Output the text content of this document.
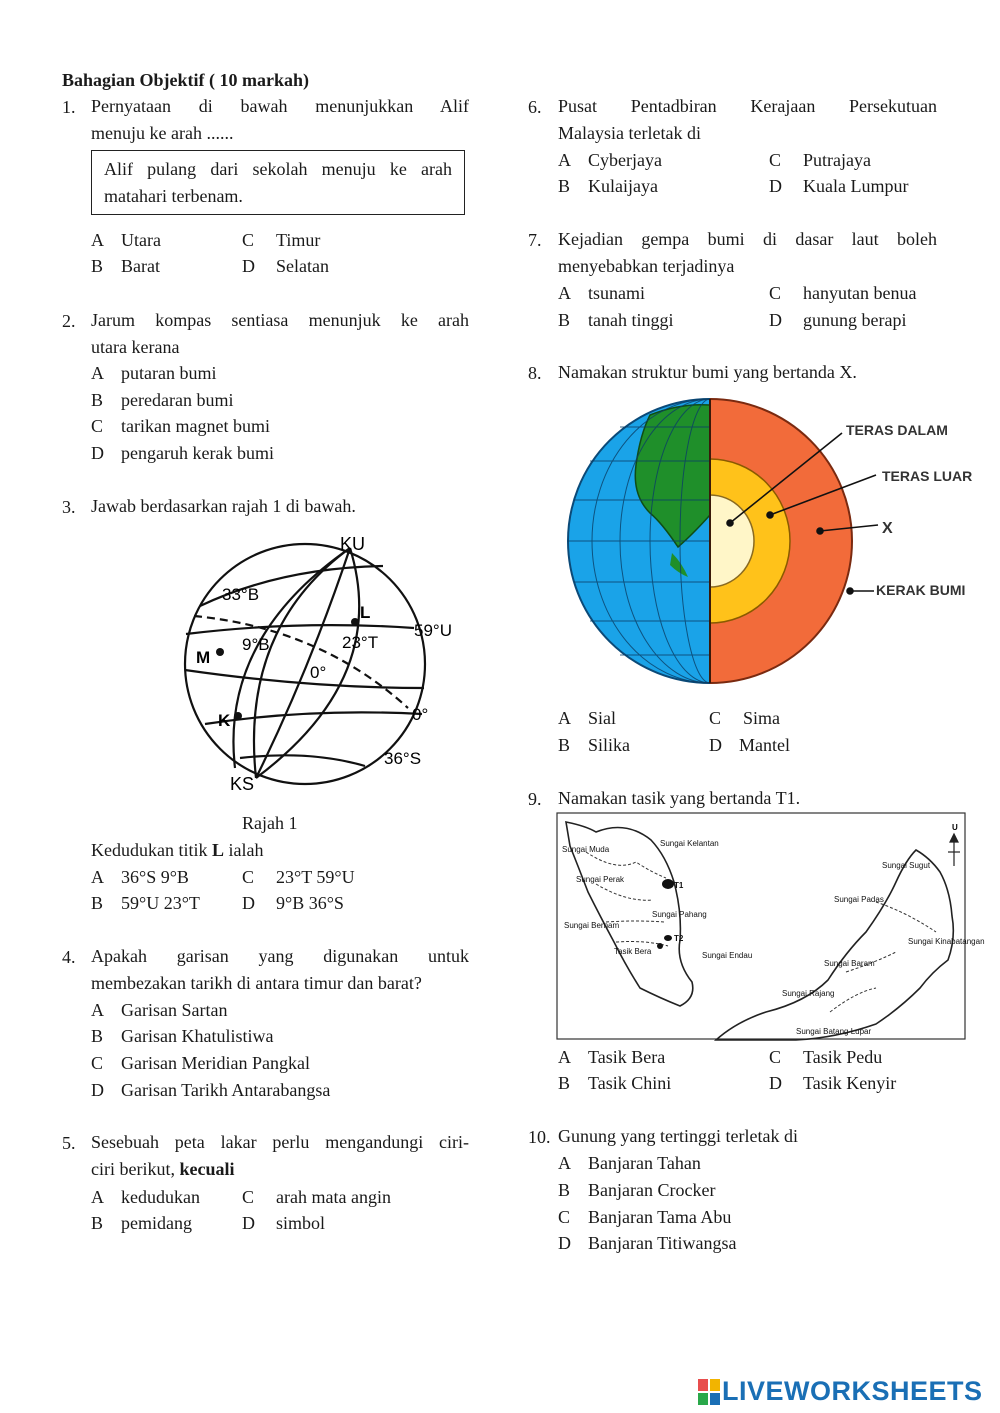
Bahagian Objektif ( 10 markah)
1. Pernyataan di bawah menunjukkan Alif
menuju ke arah ......
Alif pulang dari sekolah menuju ke arah
matahari terbenam.
A Utara	C Timur
B Barat	D Selatan
2. Jarum kompas sentiasa menunjuk ke arah
utara kerana
A putaran bumi
B peredaran bumi
C tarikan magnet bumi
D pengaruh kerak bumi
3. Jawab berdasarkan rajah 1 di bawah.
KU
KS
33°B
L
59°U
9°B	23°T
M
0°
K	0°
36°S
Rajah 1
Kedudukan titik L ialah
A 36°S 9°B	C 23°T 59°U
B 59°U 23°T D 9°B 36°S
4. Apakah garisan yang digunakan untuk
membezakan tarikh di antara timur dan barat?
A Garisan Sartan
B Garisan Khatulistiwa
C Garisan Meridian Pangkal
D Garisan Tarikh Antarabangsa
5. Sesebuah peta lakar perlu mengandungi ciri-
ciri berikut, kecuali
A kedudukan C arah mata angin
B pemidang	D simbol
6. Pusat Pentadbiran Kerajaan Persekutuan
Malaysia terletak di
A Cyberjaya	C Putrajaya
B Kulaijaya	D Kuala Lumpur
7. Kejadian gempa bumi di dasar laut boleh
menyebabkan terjadinya
A tsunami	C hanyutan benua
B tanah tinggi	D gunung berapi
8. Namakan struktur bumi yang bertanda X.
TERAS DALAM
TERAS LUAR
X
KERAK BUMI
A Sial	C Sima
B Silika	D Mantel
9. Namakan tasik yang bertanda T1.
U
Sungai Muda
Sungai Perak
Sungai Bernam
Sungai Kelantan
T1
Sungai Pahang
T2
Tasik Bera	Sungai Endau
Sungai Sugut
Sungai Padas
Sungai Kinabatangan
Sungai Baram
Sungai Rajang
Sungai Batang Lupar
A Tasik Bera	C Tasik Pedu
B Tasik Chini	D Tasik Kenyir
10. Gunung yang tertinggi terletak di
A Banjaran Tahan
B Banjaran Crocker
C Banjaran Tama Abu
D Banjaran Titiwangsa
LIVEWORKSHEETS
